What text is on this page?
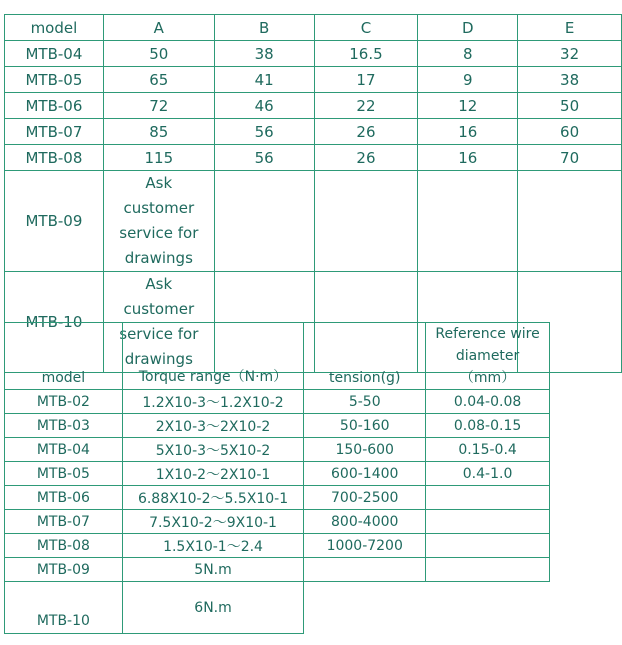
model	A	B	C	D	E
MTB-04	50	38	16.5	8	32
MTB-05	65	41	17	9	38
MTB-06	72	46	22	12	50
MTB-07	85	56	26	16	60
MTB-08	115	56	26	16	70
MTB-09	Ask customer service for drawings				
MTB-10	Ask customer service for drawings				
model	Torque range（N·m）	tension(g)	Reference wire diameter（mm）
MTB-02	1.2X10-3～1.2X10-2	5-50	0.04-0.08
MTB-03	2X10-3～2X10-2	50-160	0.08-0.15
MTB-04	5X10-3～5X10-2	150-600	0.15-0.4
MTB-05	1X10-2～2X10-1	600-1400	0.4-1.0
MTB-06	6.88X10-2～5.5X10-1	700-2500	
MTB-07	7.5X10-2～9X10-1	800-4000	
MTB-08	1.5X10-1～2.4	1000-7200	
MTB-09	5N.m		
MTB-10	6N.m		
